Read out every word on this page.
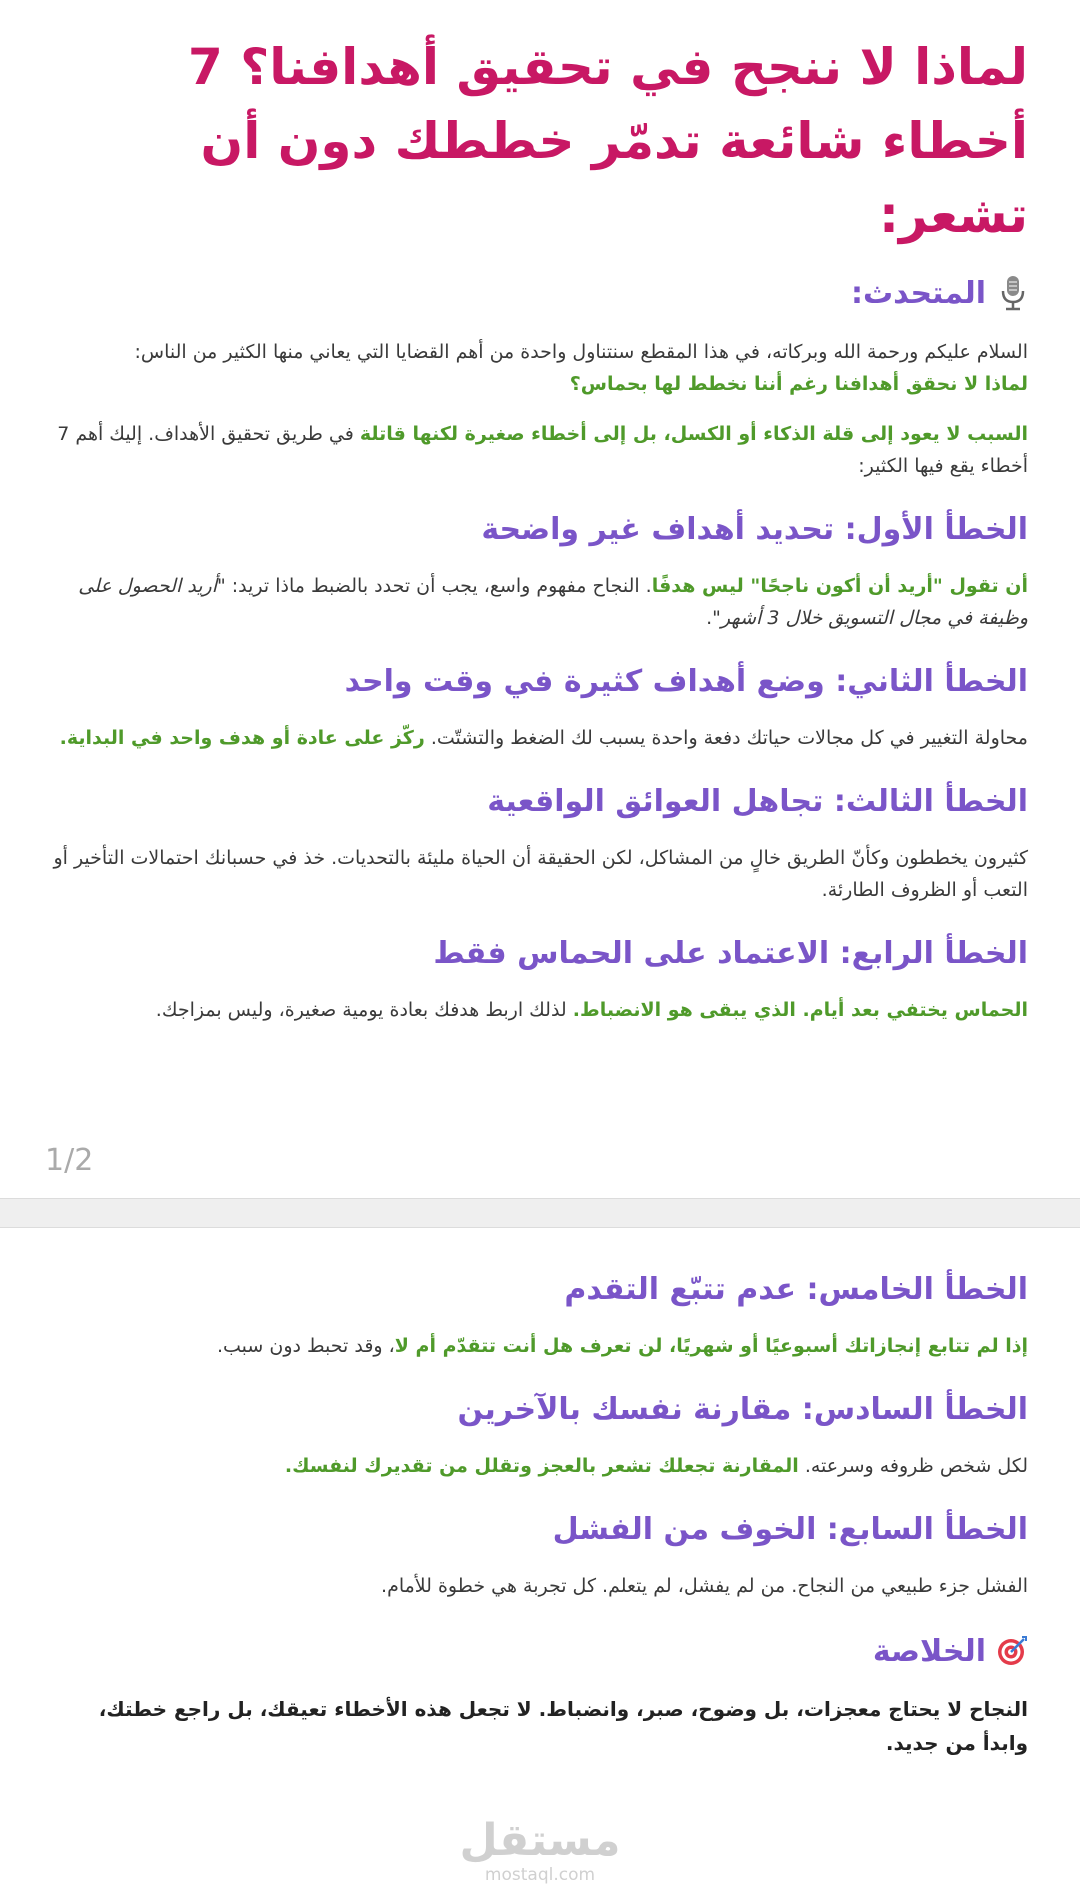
لماذا لا ننجح في تحقيق أهدافنا؟ 7 أخطاء شائعة تدمّر خططك دون أن تشعر:
المتحدث:

السلام عليكم ورحمة الله وبركاته، في هذا المقطع سنتناول واحدة من أهم القضايا التي يعاني منها الكثير من الناس:
لماذا لا نحقق أهدافنا رغم أننا نخطط لها بحماس؟

السبب لا يعود إلى قلة الذكاء أو الكسل، بل إلى أخطاء صغيرة لكنها قاتلة في طريق تحقيق الأهداف. إليك أهم 7 أخطاء يقع فيها الكثير:

الخطأ الأول: تحديد أهداف غير واضحة

أن تقول "أريد أن أكون ناجحًا" ليس هدفًا. النجاح مفهوم واسع، يجب أن تحدد بالضبط ماذا تريد: "أريد الحصول على وظيفة في مجال التسويق خلال 3 أشهر".

الخطأ الثاني: وضع أهداف كثيرة في وقت واحد

محاولة التغيير في كل مجالات حياتك دفعة واحدة يسبب لك الضغط والتشتّت. ركّز على عادة أو هدف واحد في البداية.

الخطأ الثالث: تجاهل العوائق الواقعية

كثيرون يخططون وكأنّ الطريق خالٍ من المشاكل، لكن الحقيقة أن الحياة مليئة بالتحديات. خذ في حسبانك احتمالات التأخير أو التعب أو الظروف الطارئة.

الخطأ الرابع: الاعتماد على الحماس فقط

الحماس يختفي بعد أيام. الذي يبقى هو الانضباط. لذلك اربط هدفك بعادة يومية صغيرة، وليس بمزاجك.

1/2
الخطأ الخامس: عدم تتبّع التقدم

إذا لم تتابع إنجازاتك أسبوعيًا أو شهريًا، لن تعرف هل أنت تتقدّم أم لا، وقد تحبط دون سبب.

الخطأ السادس: مقارنة نفسك بالآخرين

لكل شخص ظروفه وسرعته. المقارنة تجعلك تشعر بالعجز وتقلل من تقديرك لنفسك.

الخطأ السابع: الخوف من الفشل

الفشل جزء طبيعي من النجاح. من لم يفشل، لم يتعلم. كل تجربة هي خطوة للأمام.

الخلاصة

النجاح لا يحتاج معجزات، بل وضوح، صبر، وانضباط. لا تجعل هذه الأخطاء تعيقك، بل راجع خطتك، وابدأ من جديد.

مستقل
mostaql.com
